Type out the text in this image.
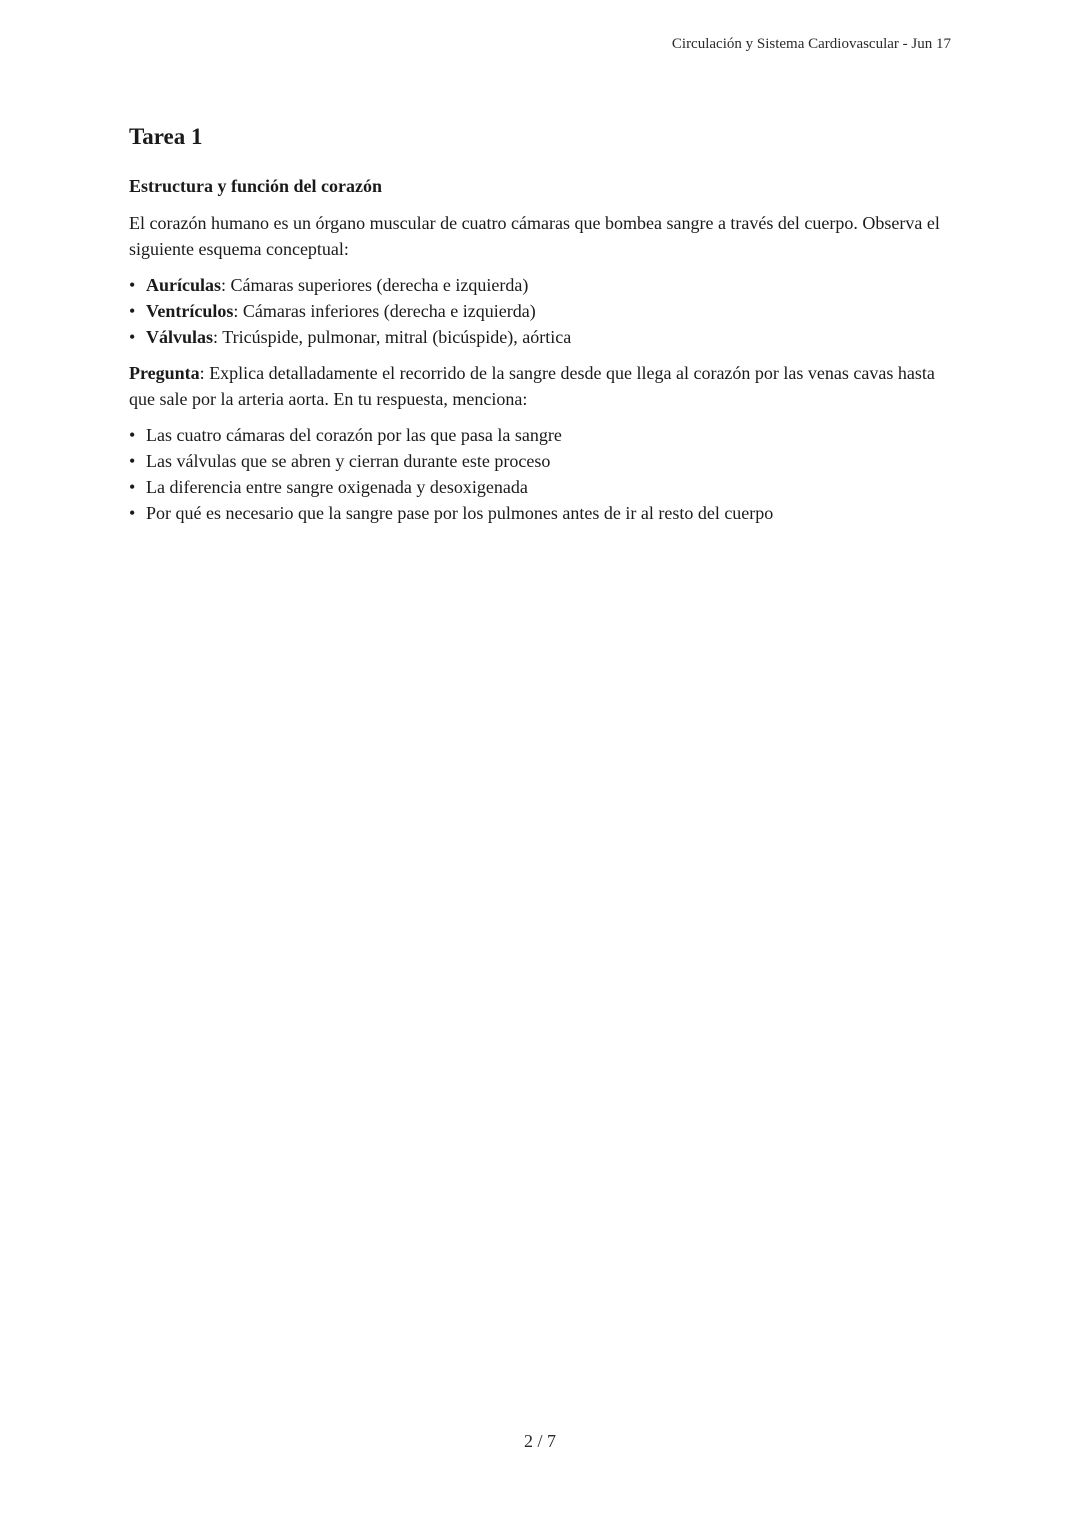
Circulación y Sistema Cardiovascular - Jun 17
Tarea 1
Estructura y función del corazón

El corazón humano es un órgano muscular de cuatro cámaras que bombea sangre a través del cuerpo. Observa el siguiente esquema conceptual:

• Aurículas: Cámaras superiores (derecha e izquierda)
• Ventrículos: Cámaras inferiores (derecha e izquierda)
• Válvulas: Tricúspide, pulmonar, mitral (bicúspide), aórtica

Pregunta: Explica detalladamente el recorrido de la sangre desde que llega al corazón por las venas cavas hasta que sale por la arteria aorta. En tu respuesta, menciona:

• Las cuatro cámaras del corazón por las que pasa la sangre
• Las válvulas que se abren y cierran durante este proceso
• La diferencia entre sangre oxigenada y desoxigenada
• Por qué es necesario que la sangre pase por los pulmones antes de ir al resto del cuerpo
2 / 7
